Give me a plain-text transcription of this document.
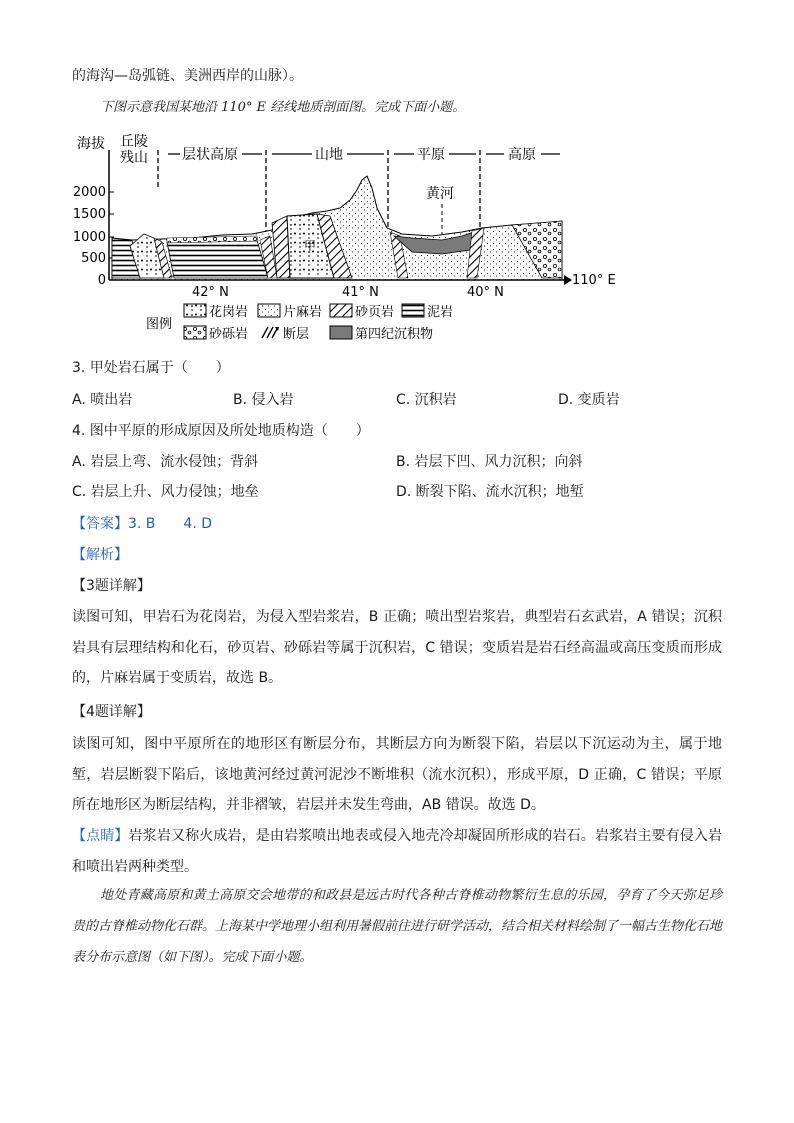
的海沟—岛弧链、美洲西岸的山脉）。
下图示意我国某地沿 110° E 经线地质剖面图。完成下面小题。
海拔
2000
1500
1000
500
0
丘陵
残山 层状高原	山地	平原	高原
黄河
甲
110° E
42° N	41° N	40° N
图例
花岗岩	片麻岩	砂页岩	泥岩
砂砾岩	断层	第四纪沉积物
3. 甲处岩石属于（　　）
A. 喷出岩	B. 侵入岩	C. 沉积岩	D. 变质岩
4. 图中平原的形成原因及所处地质构造（　　）
A. 岩层上弯、流水侵蚀；背斜	B. 岩层下凹、风力沉积；向斜
C. 岩层上升、风力侵蚀；地垒	D. 断裂下陷、流水沉积；地堑
【答案】3. B　　4. D
【解析】
【3题详解】
读图可知，甲岩石为花岗岩，为侵入型岩浆岩，B 正确；喷出型岩浆岩，典型岩石玄武岩，A 错误；沉积岩具有层理结构和化石，砂页岩、砂砾岩等属于沉积岩，C 错误；变质岩是岩石经高温或高压变质而形成的，片麻岩属于变质岩，故选 B。
【4题详解】
读图可知，图中平原所在的地形区有断层分布，其断层方向为断裂下陷，岩层以下沉运动为主，属于地堑，岩层断裂下陷后，该地黄河经过黄河泥沙不断堆积（流水沉积），形成平原，D 正确，C 错误；平原所在地形区为断层结构，并非褶皱，岩层并未发生弯曲，AB 错误。故选 D。
【点睛】岩浆岩又称火成岩，是由岩浆喷出地表或侵入地壳冷却凝固所形成的岩石。岩浆岩主要有侵入岩和喷出岩两种类型。
地处青藏高原和黄土高原交会地带的和政县是远古时代各种古脊椎动物繁衍生息的乐园，孕育了今天弥足珍贵的古脊椎动物化石群。上海某中学地理小组利用暑假前往进行研学活动，结合相关材料绘制了一幅古生物化石地表分布示意图（如下图）。完成下面小题。
